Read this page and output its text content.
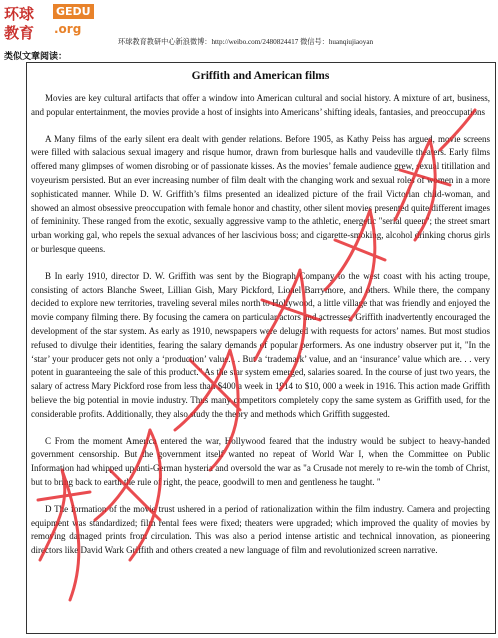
环球
教育
GEDU
.org
环球教育教研中心新浪微博：http://weibo.com/2480824417 微信号：huanqiujiaoyan
类似文章阅读：
Griffith and American films

Movies are key cultural artifacts that offer a window into American cultural and social history. A mixture of art, business, and popular entertainment, the movies provide a host of insights into Americans’ shifting ideals, fantasies, and preoccupations

A Many films of the early silent era dealt with gender relations. Before 1905, as Kathy Peiss has argued, movie screens were filled with salacious sexual imagery and risque humor, drawn from burlesque halls and vaudeville theaters. Early films offered many glimpses of women disrobing or of passionate kisses. As the movies’ female audience grew, sexual titillation and voyeurism persisted. But an ever increasing number of film dealt with the changing work and sexual roles of women in a more sophisticated manner. While D. W. Griffith’s films presented an idealized picture of the frail Victorian child-woman, and showed an almost obsessive preoccupation with female honor and chastity, other silent movies presented quite different images of femininity. These ranged from the exotic, sexually aggressive vamp to the athletic, energetic "serial queen"; the street smart urban working gal, who repels the sexual advances of her lascivious boss; and cigarette-smoking, alcohol drinking chorus girls or burlesque queens.

B In early 1910, director D. W. Griffith was sent by the Biograph Company to the west coast with his acting troupe, consisting of actors Blanche Sweet, Lillian Gish, Mary Pickford, Lionel Barrymore, and others. While there, the company decided to explore new territories, traveling several miles north to Hollywood, a little village that was friendly and enjoyed the movie company filming there. By focusing the camera on particular actors and actresses, Griffith inadvertently encouraged the development of the star system. As early as 1910, newspapers were deluged with requests for actors’ names. But most studios refused to divulge their identities, fearing the salary demands of popular performers. As one industry observer put it, "In the ‘star’ your producer gets not only a ‘production’ value. . . But a ‘trademark’ value, and an ‘insurance’ value which are. . . very potent in guaranteeing the sale of this product." As the star system emerged, salaries soared. In the course of just two years, the salary of actress Mary Pickford rose from less than $400 a week in 1914 to $10, 000 a week in 1916. This action made Griffith believe the big potential in movie industry. Thus many competitors completely copy the same system as Griffith used, for the considerable profits. Additionally, they also study the theory and methods which Griffith suggested.

C From the moment America entered the war, Hollywood feared that the industry would be subject to heavy-handed government censorship. But the government itself wanted no repeat of World War I, when the Committee on Public Information had whipped up anti-German hysteria and oversold the war as "a Crusade not merely to re-win the tomb of Christ, but to bring back to earth the rule of right, the peace, goodwill to men and gentleness he taught. "

D The formation of the movie trust ushered in a period of rationalization within the film industry. Camera and projecting equipment was standardized; film rental fees were fixed; theaters were upgraded; which improved the quality of movies by removing damaged prints from circulation. This was also a period intense artistic and technical innovation, as pioneering directors like David Wark Griffith and others created a new language of film and revolutionized screen narrative.
